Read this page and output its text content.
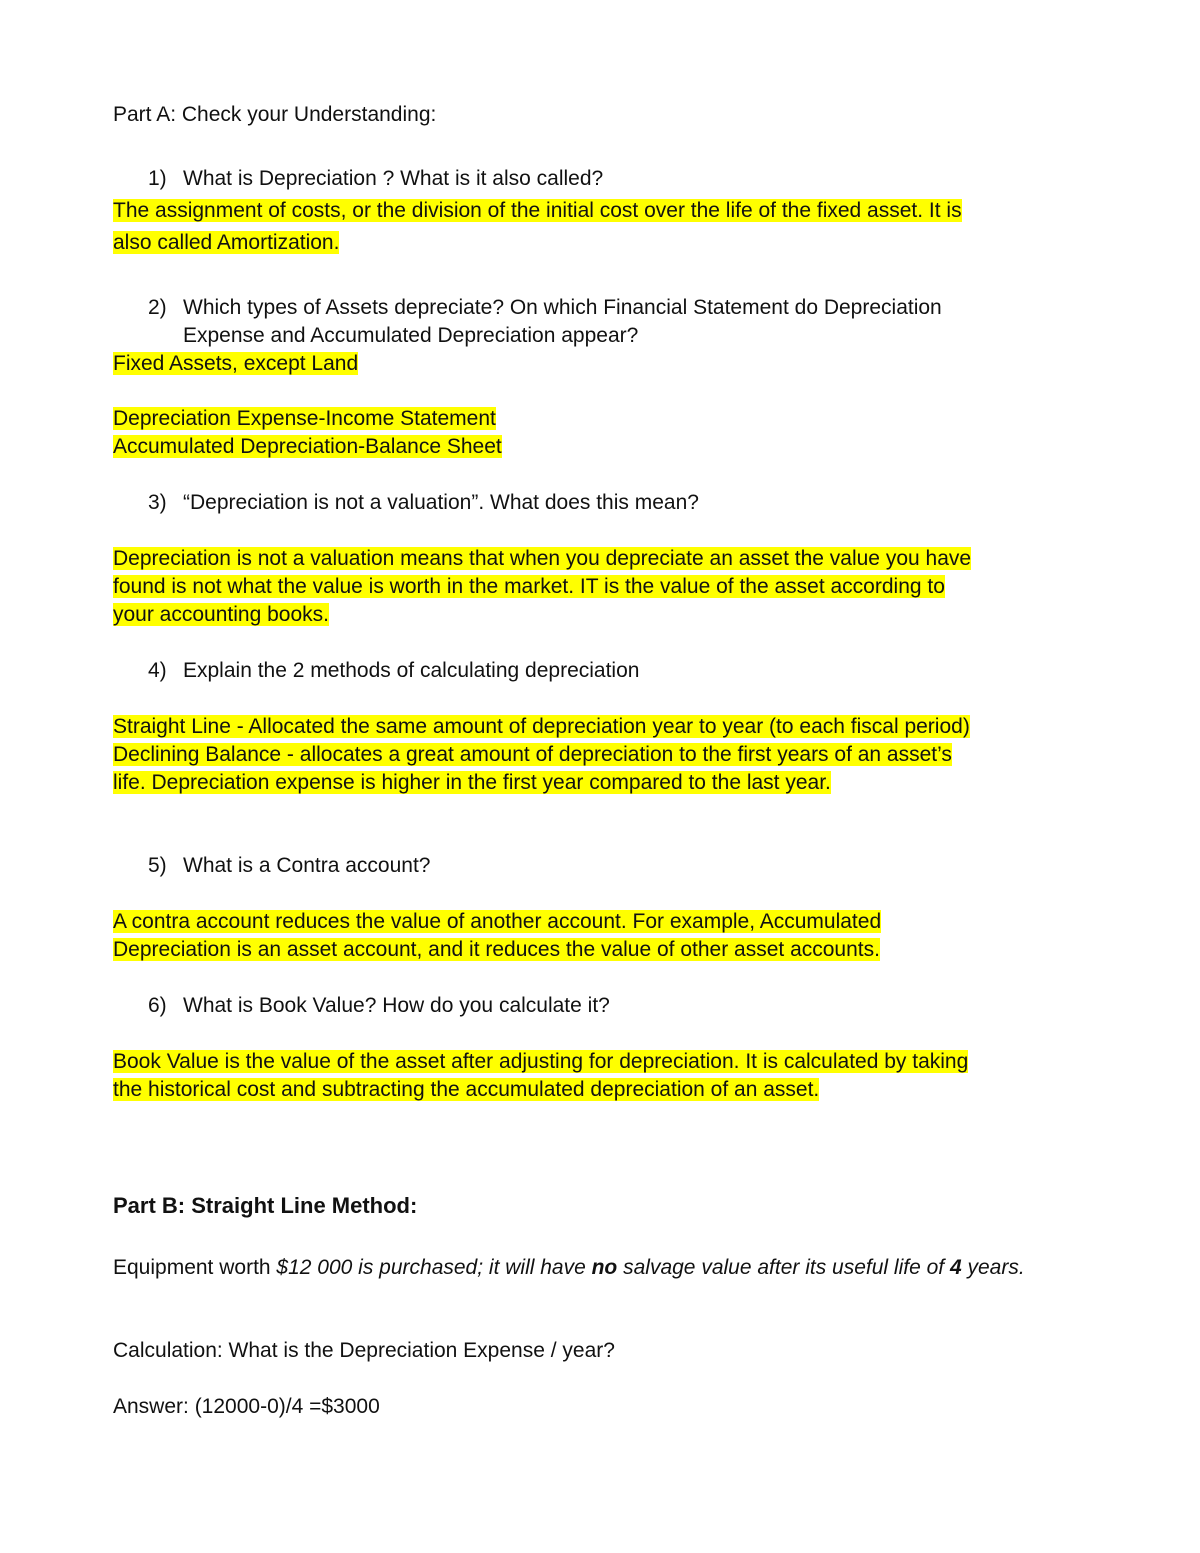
Part A: Check your Understanding:
1) What is Depreciation ? What is it also called?
The assignment of costs, or the division of the initial cost over the life of the fixed asset. It is
also called Amortization.
2) Which types of Assets depreciate? On which Financial Statement do Depreciation
Expense and Accumulated Depreciation appear?
Fixed Assets, except Land
Depreciation Expense-Income Statement
Accumulated Depreciation-Balance Sheet
3) “Depreciation is not a valuation”. What does this mean?
Depreciation is not a valuation means that when you depreciate an asset the value you have
found is not what the value is worth in the market. IT is the value of the asset according to
your accounting books.
4) Explain the 2 methods of calculating depreciation
Straight Line - Allocated the same amount of depreciation year to year (to each fiscal period)
Declining Balance - allocates a great amount of depreciation to the first years of an asset’s
life. Depreciation expense is higher in the first year compared to the last year.
5) What is a Contra account?
A contra account reduces the value of another account. For example, Accumulated
Depreciation is an asset account, and it reduces the value of other asset accounts.
6) What is Book Value? How do you calculate it?
Book Value is the value of the asset after adjusting for depreciation. It is calculated by taking
the historical cost and subtracting the accumulated depreciation of an asset.
Part B: Straight Line Method:
Equipment worth $12 000 is purchased; it will have no salvage value after its useful life of 4 years.
Calculation: What is the Depreciation Expense / year?
Answer: (12000-0)/4 =$3000
